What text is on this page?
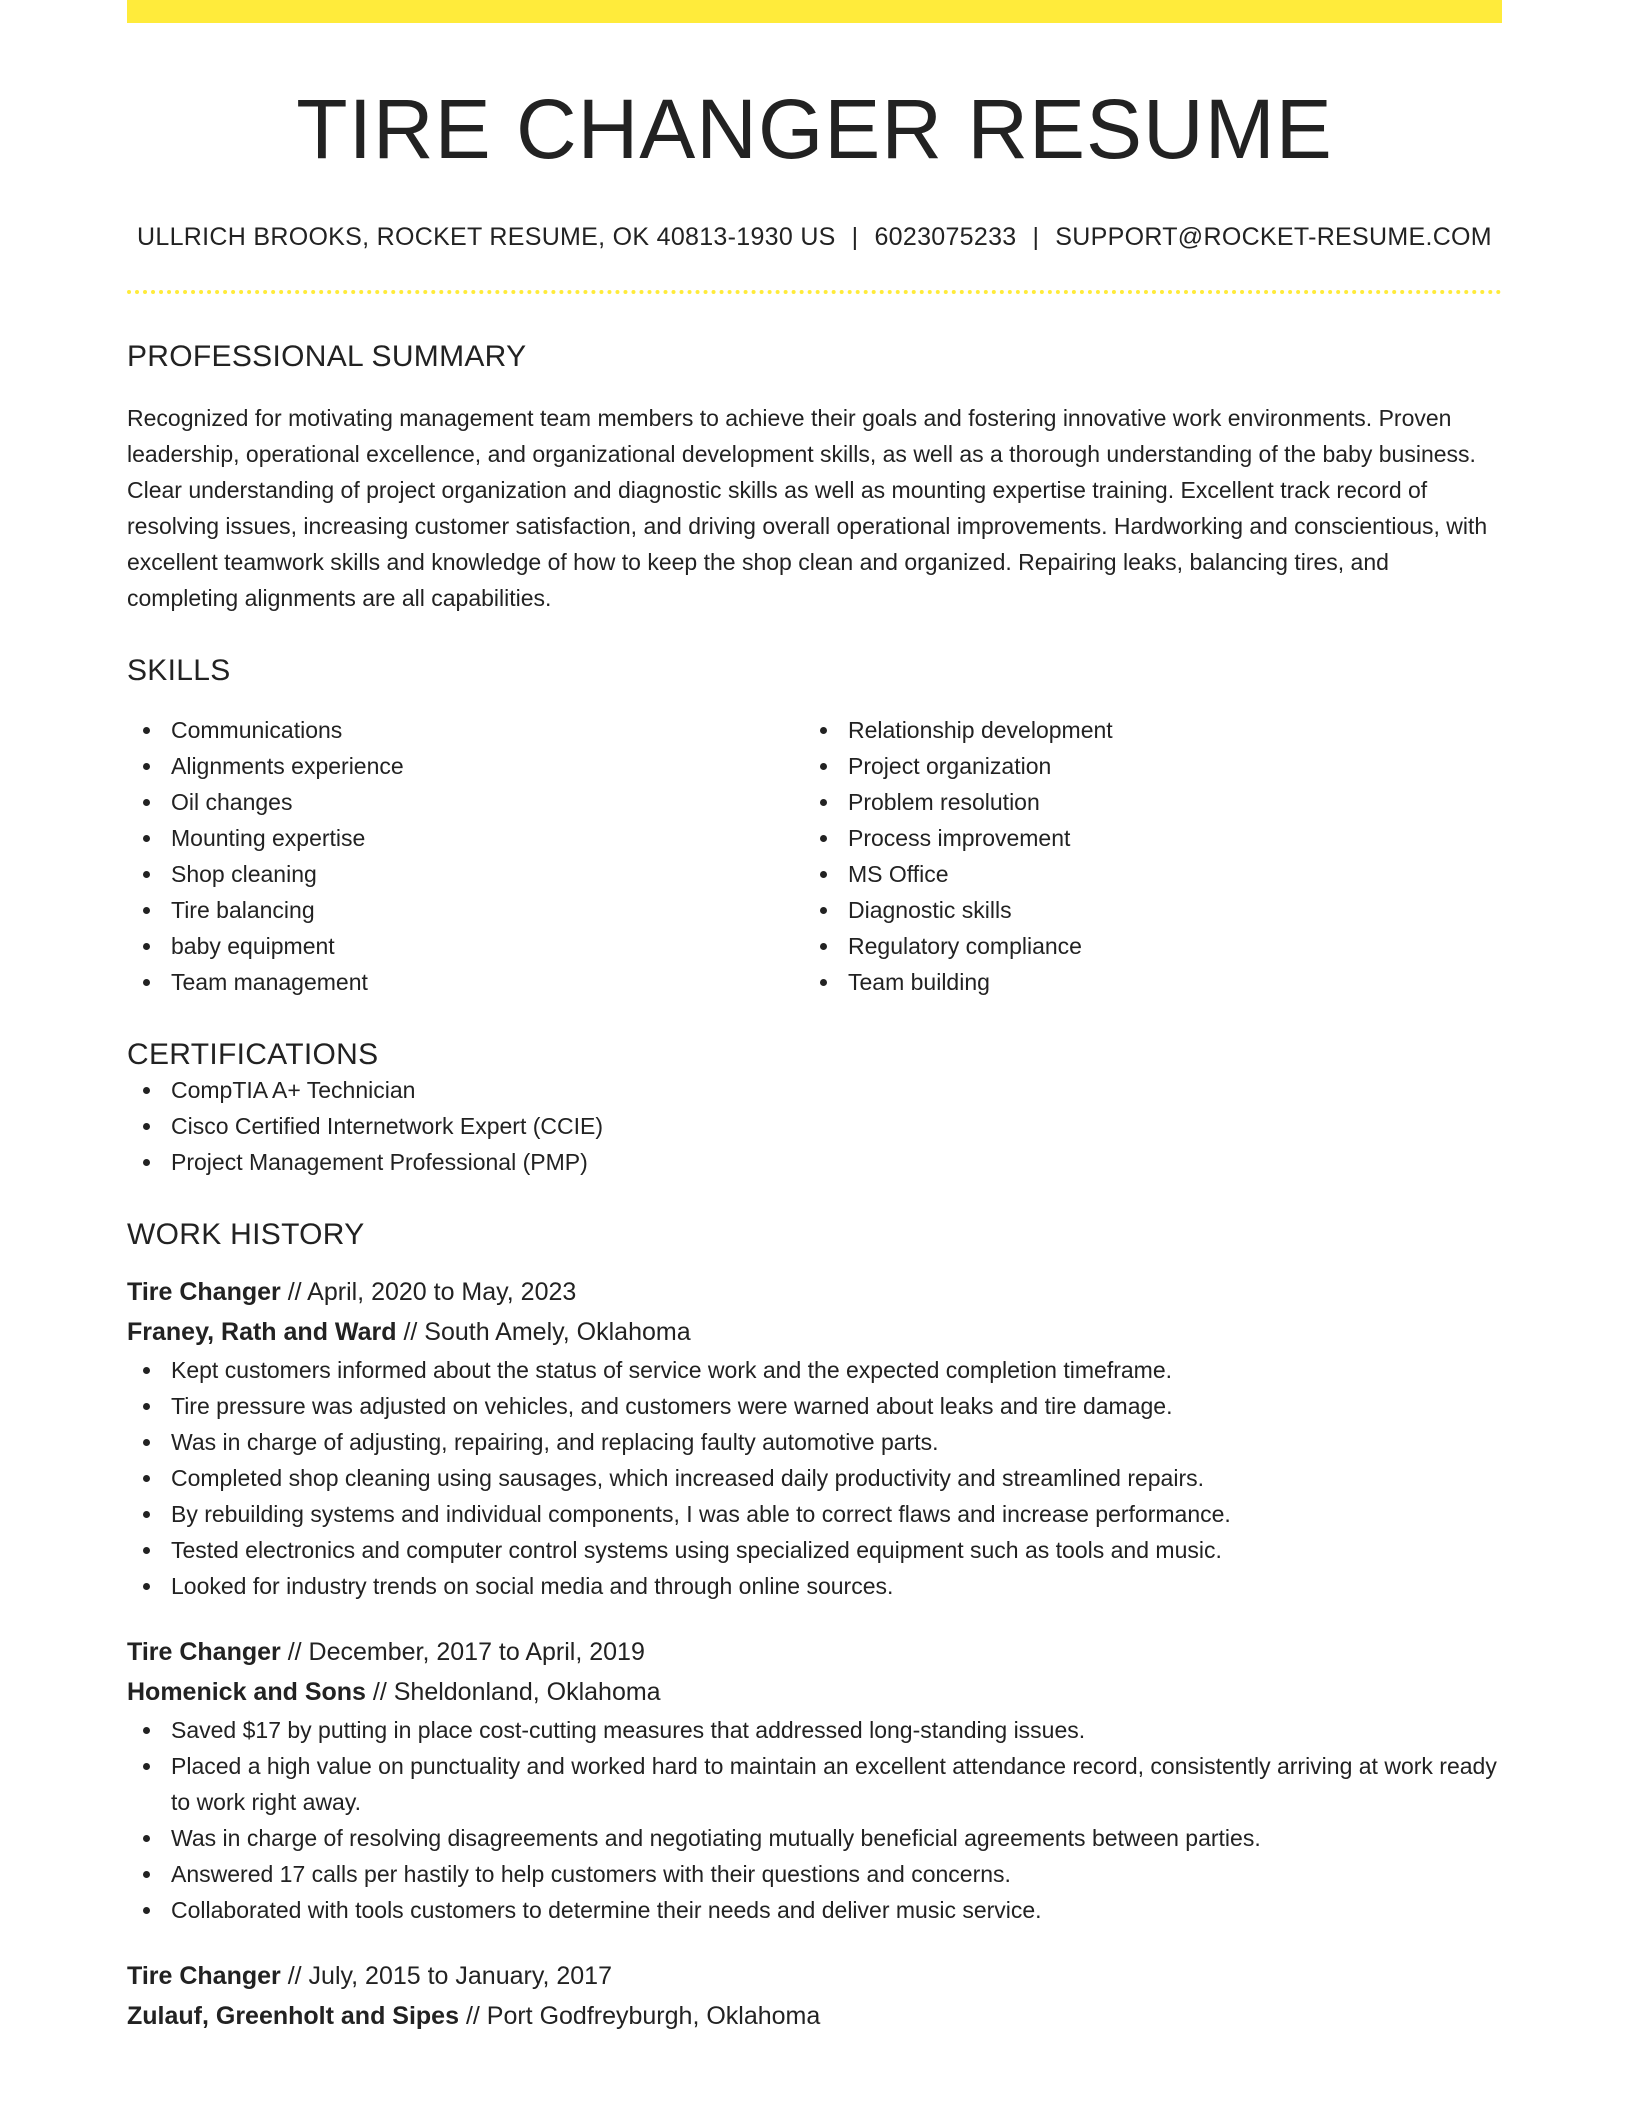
TIRE CHANGER RESUME
ULLRICH BROOKS, ROCKET RESUME, OK 40813-1930 US | 6023075233 | SUPPORT@ROCKET-RESUME.COM
PROFESSIONAL SUMMARY

Recognized for motivating management team members to achieve their goals and fostering innovative work environments. Proven leadership, operational excellence, and organizational development skills, as well as a thorough understanding of the baby business. Clear understanding of project organization and diagnostic skills as well as mounting expertise training. Excellent track record of resolving issues, increasing customer satisfaction, and driving overall operational improvements. Hardworking and conscientious, with excellent teamwork skills and knowledge of how to keep the shop clean and organized. Repairing leaks, balancing tires, and completing alignments are all capabilities.

SKILLS
Communications
Alignments experience
Oil changes
Mounting expertise
Shop cleaning
Tire balancing
baby equipment
Team management
Relationship development
Project organization
Problem resolution
Process improvement
MS Office
Diagnostic skills
Regulatory compliance
Team building
CERTIFICATIONS
CompTIA A+ Technician
Cisco Certified Internetwork Expert (CCIE)
Project Management Professional (PMP)
WORK HISTORY
Tire Changer // April, 2020 to May, 2023
Franey, Rath and Ward // South Amely, Oklahoma
Kept customers informed about the status of service work and the expected completion timeframe.
Tire pressure was adjusted on vehicles, and customers were warned about leaks and tire damage.
Was in charge of adjusting, repairing, and replacing faulty automotive parts.
Completed shop cleaning using sausages, which increased daily productivity and streamlined repairs.
By rebuilding systems and individual components, I was able to correct flaws and increase performance.
Tested electronics and computer control systems using specialized equipment such as tools and music.
Looked for industry trends on social media and through online sources.
Tire Changer // December, 2017 to April, 2019
Homenick and Sons // Sheldonland, Oklahoma
Saved $17 by putting in place cost-cutting measures that addressed long-standing issues.
Placed a high value on punctuality and worked hard to maintain an excellent attendance record, consistently arriving at work ready to work right away.
Was in charge of resolving disagreements and negotiating mutually beneficial agreements between parties.
Answered 17 calls per hastily to help customers with their questions and concerns.
Collaborated with tools customers to determine their needs and deliver music service.
Tire Changer // July, 2015 to January, 2017
Zulauf, Greenholt and Sipes // Port Godfreyburgh, Oklahoma
